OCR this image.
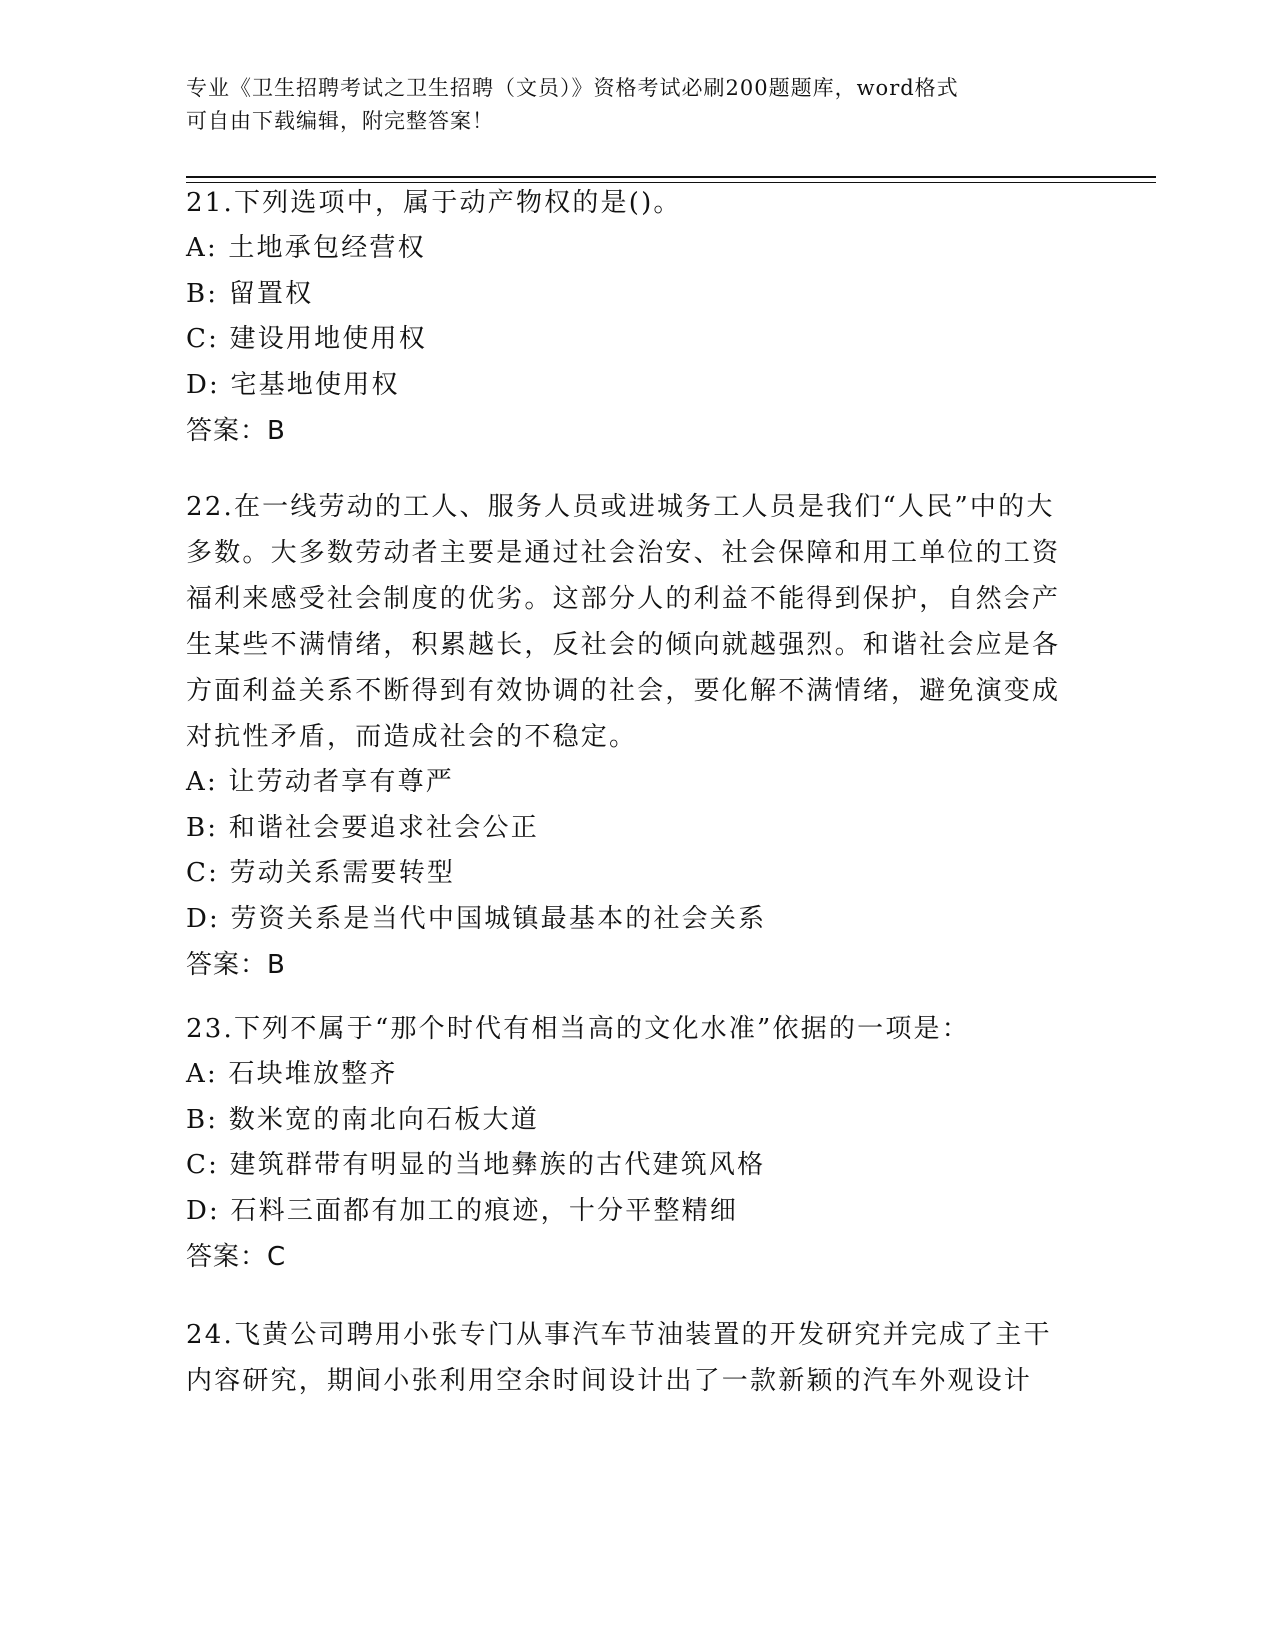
专业《卫生招聘考试之卫生招聘（文员）》资格考试必刷200题题库，word格式
可自由下载编辑，附完整答案！
21.下列选项中，属于动产物权的是()。
A: 土地承包经营权
B: 留置权
C: 建设用地使用权
D: 宅基地使用权
答案：B
22.在一线劳动的工人、服务人员或进城务工人员是我们“人民”中的大多数。大多数劳动者主要是通过社会治安、社会保障和用工单位的工资福利来感受社会制度的优劣。这部分人的利益不能得到保护，自然会产生某些不满情绪，积累越长，反社会的倾向就越强烈。和谐社会应是各方面利益关系不断得到有效协调的社会，要化解不满情绪，避免演变成对抗性矛盾，而造成社会的不稳定。
A: 让劳动者享有尊严
B: 和谐社会要追求社会公正
C: 劳动关系需要转型
D: 劳资关系是当代中国城镇最基本的社会关系
答案：B
23.下列不属于“那个时代有相当高的文化水准”依据的一项是：
A: 石块堆放整齐
B: 数米宽的南北向石板大道
C: 建筑群带有明显的当地彝族的古代建筑风格
D: 石料三面都有加工的痕迹，十分平整精细
答案：C
24.飞黄公司聘用小张专门从事汽车节油装置的开发研究并完成了主干内容研究，期间小张利用空余时间设计出了一款新颖的汽车外观设计
